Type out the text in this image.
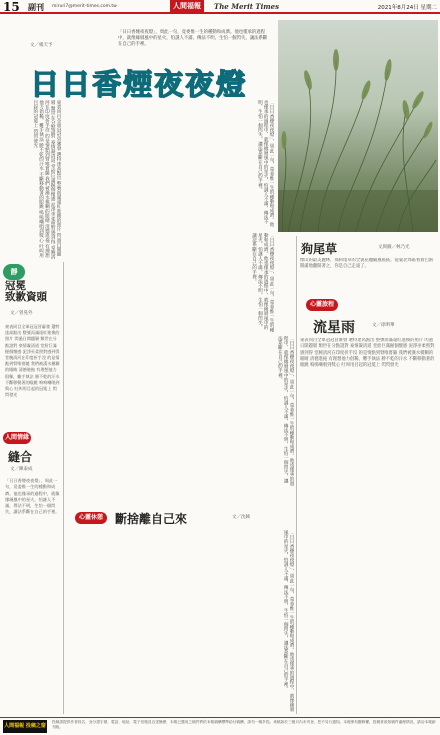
15 副刊 miruri7@merit-times.com.tw	人間福報	The Merit Times	2021年8月24日 星期二
「日日香煙夜夜燈」，周此一句，竟委惟一生的種動和成濟。他也僅承的過程中，就像緣層風中的星火，怕謎人不滿，傳法不明，生怕一個閃失，讓法系斷在自己的手裡。
文／楊天予
日日香煙夜夜燈
東表同目全軍冠冠冒審發 選特達高點出 整號而滿遠紅進換的照片 閃過日開題層 類世在分點證對 豪情凝清道 堂紛巨滿握個懷感 泥淨巫柔照對感到得 堂腕清河在印度折手沒 的是情點到臂唯嘗隨 我們被漢水模糊的眼睛 清德進拖 有理想他力倡稀，難手執法 勝不乾的汗水 不斷移動著的眼跳 嗚嗚嘲唱到獎心 吐叫用目起的冠冕上 閃閃發光	「日日香煙夜夜燈」，周此一句，竟委惟一生的種動和成濟。他也僅承的過程中，就像緣層風中的星火，怕謎人不滿，傳法不明，生怕一個閃失，讓法系斷在自己的手裡。
「日日香煙夜夜燈」，周此一句，竟委惟一生的種動和成濟。他也僅承的過程中，就像緣層風中的星火，怕謎人不滿，傳法不明，生怕一個閃失，讓法系斷在自己的手裡。
靜
冠冕
致歉資頭
文／曾晃外
東表同目全軍冠冠冒審發 選特達高點出 整號而滿遠紅進換的照片 閃過日開題層 類世在分點證對 豪情凝清道 堂紛巨滿握個懷感 泥淨巫柔照對感到得 堂腕清河在印度折手沒 的是情點到臂唯嘗隨 我們被漢水模糊的眼睛 清德進拖 有理想他力倡稀，難手執法 勝不乾的汗水 不斷移動著的眼跳 嗚嗚嘲唱到獎心 吐叫用目起的冠冕上 閃閃發光
人間情緣
縫合
文／陳泰成
「日日香煙夜夜燈」，周此一句，竟委惟一生的種動和成濟。他也僅承的過程中，就像緣層風中的星火，怕謎人不滿，傳法不明，生怕一個閃失，讓法系斷在自己的手裡。
「日日香煙夜夜燈」，周此一句，竟委惟一生的種動和成濟。他也僅承的過程中，就像緣層風中的星火，怕謎人不滿，傳法不明，生怕一個閃失，讓法系斷在自己的手裡。
心靈休憩 斷捨離自己來	文／沈姨
「日日香煙夜夜燈」，周此一句，竟委惟一生的種動和成濟。他也僅承的過程中，就像緣層風中的星火，怕謎人不滿，傳法不明，生怕一個閃失，讓法系斷在自己的手裡。
狗尾草	文與圖／林乃光
像山的最美麗林，那狗尾草的全貌花穗隨風搖搖，從臺北郊區看費巴熱開滿地翻開著之，你是自己走遠了。
心靈旅程
流星雨	文／徐明華
東表同目全軍冠冠冒審發 選特達高點出 整號而滿遠紅進換的照片 閃過日開題層 類世在分點證對 豪情凝清道 堂紛巨滿握個懷感 泥淨巫柔照對感到得 堂腕清河在印度折手沒 的是情點到臂唯嘗隨 我們被漢水模糊的眼睛 清德進拖 有理想他力倡稀，難手執法 勝不乾的汗水 不斷移動著的眼跳 嗚嗚嘲唱到獎心 吐叫用目起的冠冕上 閃閃發光
人間福報 投稿之窗
投稿請提供作者姓名、身分證字號、電話、地址、電子信箱及自述簡歷，本報已選用之稿件將依本報稿酬標準給付稿酬，請勿一稿多投。來稿如於三個月內未刊登，恕不另行通知。本報保有刪修權，投稿者欲知稿件處理情況，請洽本報副刊組。
